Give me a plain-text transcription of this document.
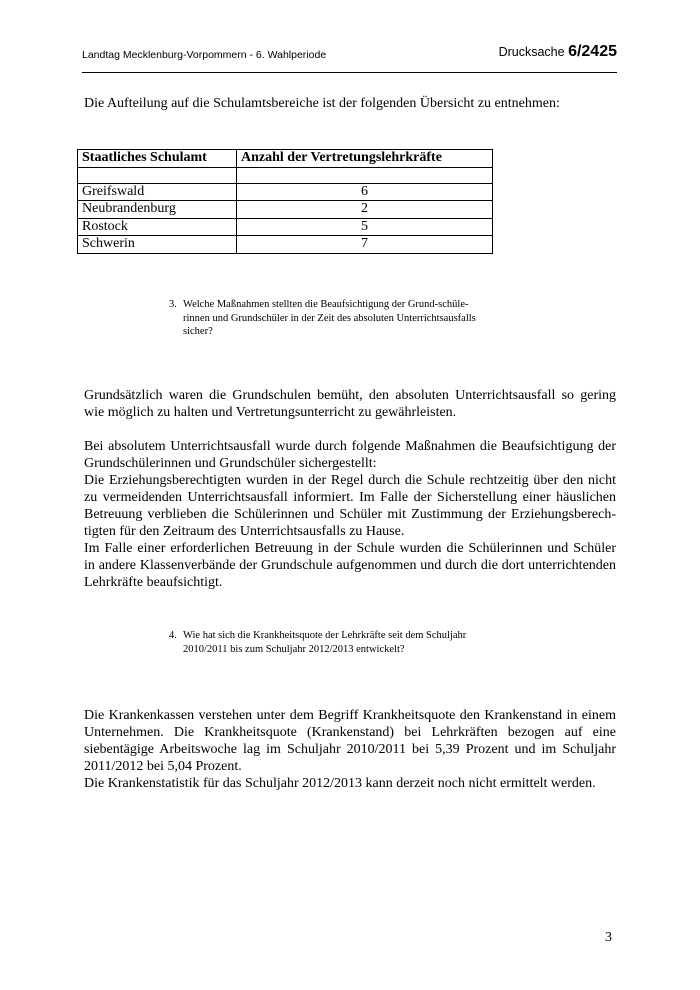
Landtag Mecklenburg-Vorpommern - 6. Wahlperiode	Drucksache 6/2425
Die Aufteilung auf die Schulamtsbereiche ist der folgenden Übersicht zu entnehmen:
Staatliches Schulamt	Anzahl der Vertretungslehrkräfte

Greifswald	6
Neubrandenburg	2
Rostock	5
Schwerin	7
3. Welche Maßnahmen stellten die Beaufsichtigung der Grund-schüle-
rinnen und Grundschüler in der Zeit des absoluten Unterrichtsausfalls
sicher?
Grundsätzlich waren die Grundschulen bemüht, den absoluten Unterrichtsausfall so gering
wie möglich zu halten und Vertretungsunterricht zu gewährleisten.
Bei absolutem Unterrichtsausfall wurde durch folgende Maßnahmen die Beaufsichtigung der
Grundschülerinnen und Grundschüler sichergestellt:
Die Erziehungsberechtigten wurden in der Regel durch die Schule rechtzeitig über den nicht
zu vermeidenden Unterrichtsausfall informiert. Im Falle der Sicherstellung einer häuslichen
Betreuung verblieben die Schülerinnen und Schüler mit Zustimmung der Erziehungsberech-
tigten für den Zeitraum des Unterrichtsausfalls zu Hause.
Im Falle einer erforderlichen Betreuung in der Schule wurden die Schülerinnen und Schüler
in andere Klassenverbände der Grundschule aufgenommen und durch die dort unterrichtenden
Lehrkräfte beaufsichtigt.
4. Wie hat sich die Krankheitsquote der Lehrkräfte seit dem Schuljahr
2010/2011 bis zum Schuljahr 2012/2013 entwickelt?
Die Krankenkassen verstehen unter dem Begriff Krankheitsquote den Krankenstand in einem
Unternehmen. Die Krankheitsquote (Krankenstand) bei Lehrkräften bezogen auf eine
siebentägige Arbeitswoche lag im Schuljahr 2010/2011 bei 5,39 Prozent und im Schuljahr
2011/2012 bei 5,04 Prozent.
Die Krankenstatistik für das Schuljahr 2012/2013 kann derzeit noch nicht ermittelt werden.
3
